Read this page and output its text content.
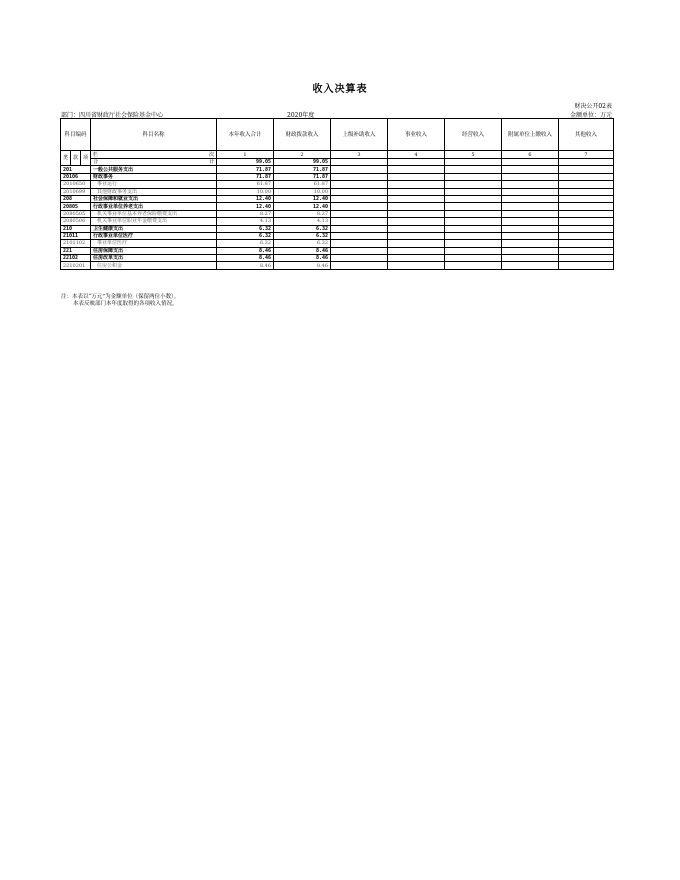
收入决算表
财决公开02表
部门：四川省财政厅社会保险基金中心	2020年度	金额单位：万元
科目编码			科目名称	本年收入合计	财政拨款收入	上级补助收入	事业收入	经营收入	附属单位上缴收入	其他收入
类	款	项	栏 次	1	2	3	4	5	6	7

			合 计	99.05	99.05					
201			一般公共服务支出	71.87	71.87					
20106			财政事务	71.87	71.87					
2010650			事业运行	61.87	61.87					
2010699			其他财政事务支出	10.00	10.00					
208			社会保障和就业支出	12.40	12.40					
20805			行政事业单位养老支出	12.40	12.40					
2080505			机关事业单位基本养老保险缴费支出	8.27	8.27					
2080506			机关事业单位职业年金缴费支出	4.13	4.13					
210			卫生健康支出	6.32	6.32					
21011			行政事业单位医疗	6.32	6.32					
2101102			事业单位医疗	6.32	6.32					
221			住房保障支出	8.46	8.46					
22102			住房改革支出	8.46	8.46					
2210201			住房公积金	8.46	8.46					
注：本表以“万元”为金额单位（保留两位小数）。
本表反映部门本年度取得的各项收入情况。
